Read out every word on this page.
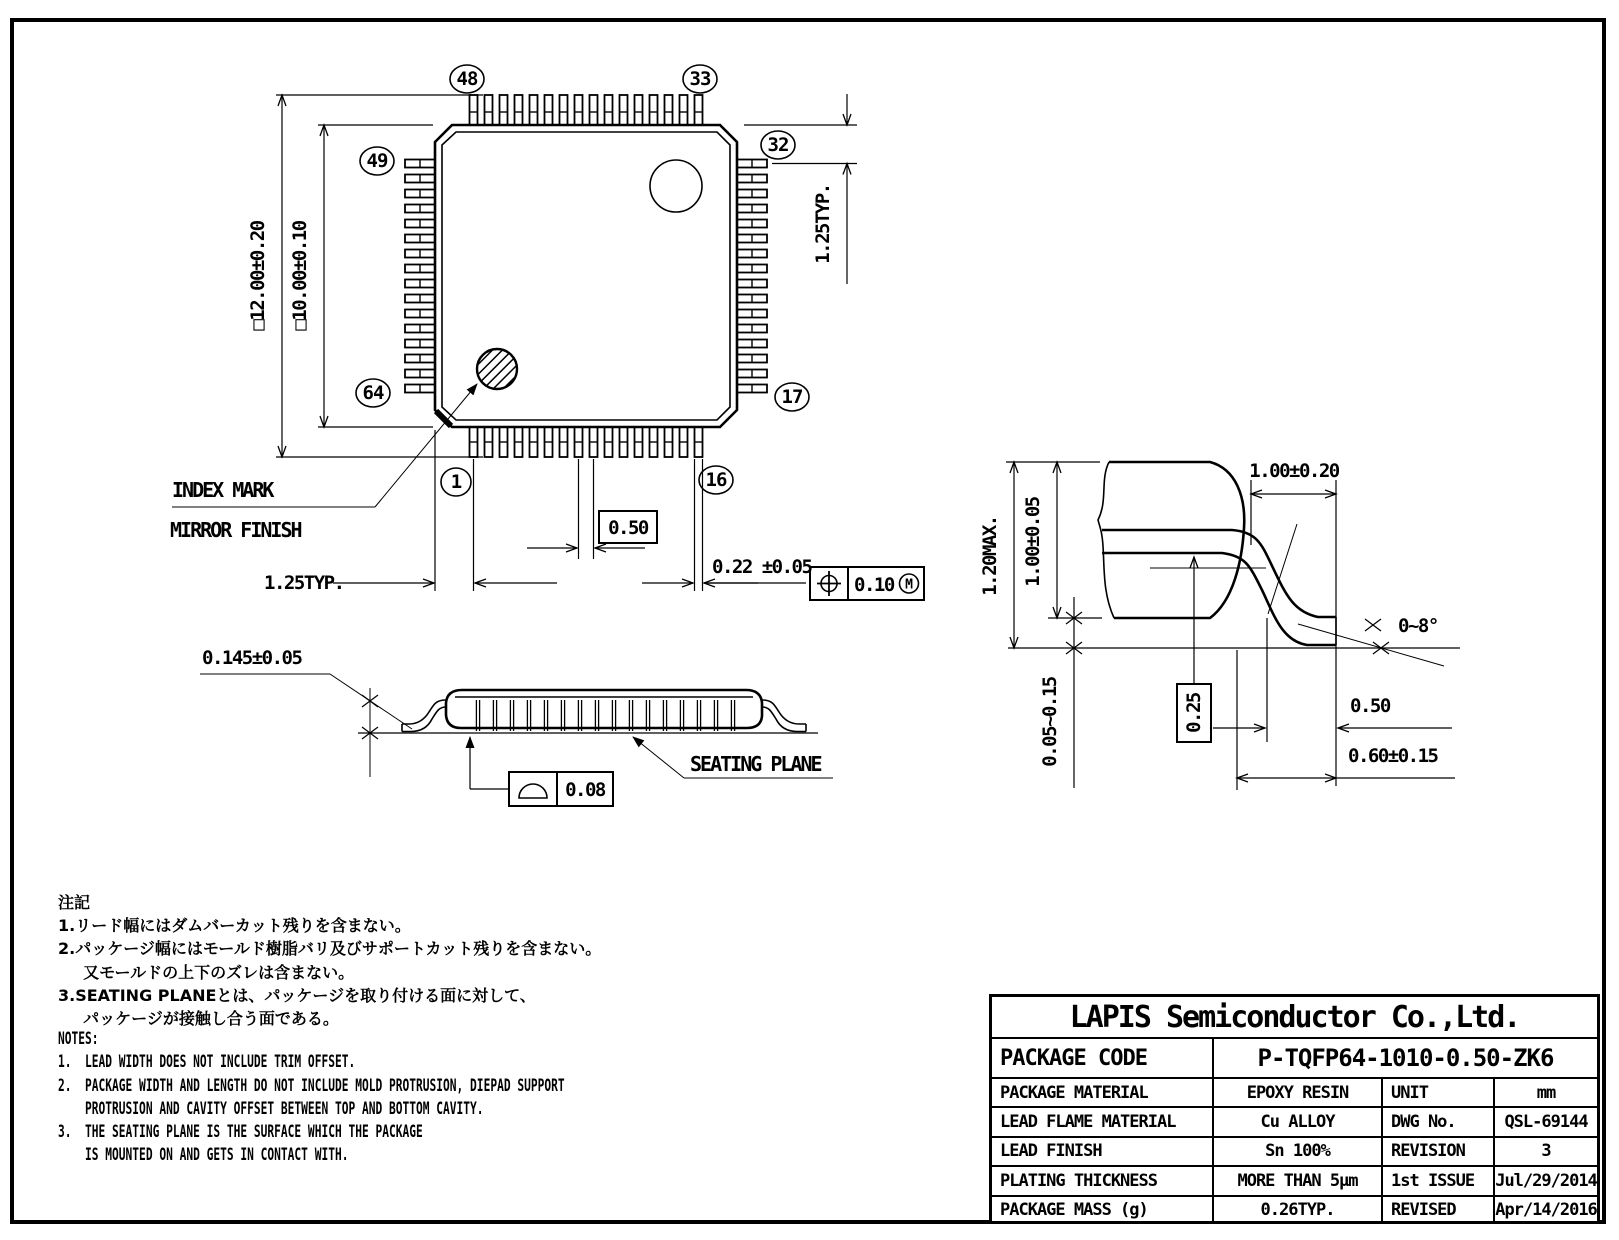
48	33
49
64
32
17
1	16
INDEX MARK
MIRROR FINISH
□12.00±0.20 □10.00±0.10	1.25TYP.
1.25TYP.
0.50
0.22 ±0.05
0.10 M
0.145±0.05
0.08
SEATING PLANE
1.20MAX. 1.00±0.05
0.05~0.15
1.00±0.20
0.25	0.50
0.60±0.15
0~8°
注記
1.リード幅にはダムバーカット残りを含まない。
2.パッケージ幅にはモールド樹脂バリ及びサポートカット残りを含まない。
又モールドの上下のズレは含まない。
3.SEATING PLANEとは、パッケージを取り付ける面に対して、
パッケージが接触し合う面である。
NOTES:
1.  LEAD WIDTH DOES NOT INCLUDE TRIM OFFSET.
2.  PACKAGE WIDTH AND LENGTH DO NOT INCLUDE MOLD PROTRUSION, DIEPAD SUPPORT
PROTRUSION AND CAVITY OFFSET BETWEEN TOP AND BOTTOM CAVITY.
3.  THE SEATING PLANE IS THE SURFACE WHICH THE PACKAGE
IS MOUNTED ON AND GETS IN CONTACT WITH.
LAPIS Semiconductor Co.,Ltd.
PACKAGE CODE	P-TQFP64-1010-0.50-ZK6
PACKAGE MATERIAL	EPOXY RESIN	UNIT	mm
LEAD FLAME MATERIAL	Cu ALLOY	DWG No.	QSL-69144
LEAD FINISH	Sn 100%	REVISION	3
PLATING THICKNESS	MORE THAN 5μm	1st ISSUE	Jul/29/2014
PACKAGE MASS (g)	0.26TYP.	REVISED	Apr/14/2016
